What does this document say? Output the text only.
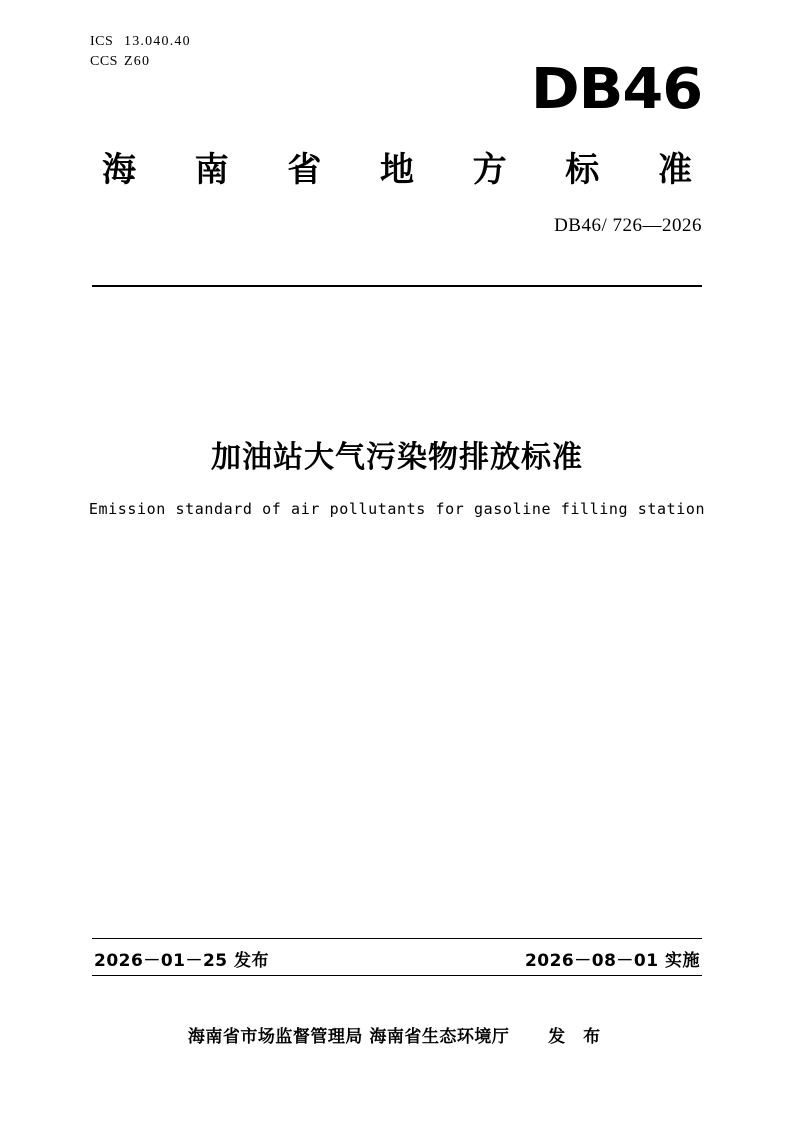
ICS 13.040.40
CCS Z60	DB46
海 南 省 地 方 标 准
DB46/ 726—2026
加油站大气污染物排放标准
Emission standard of air pollutants for gasoline filling station
2026－01－25 发布	2026－08－01 实施
海南省市场监督管理局 海南省生态环境厅 发 布
